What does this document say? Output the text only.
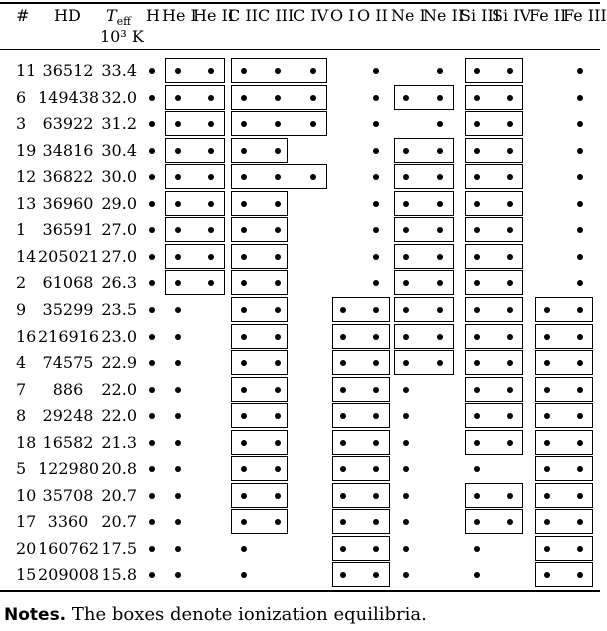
# HD $T_{eff}$
10³ K
H He I
He II
C II C III
C IV O I O II Ne I
Ne II
Si III
Si IV
Fe II
Fe III
11 36512 33.4
6 149438 32.0
3 63922 31.2
19 34816 30.4
12 36822 30.0
13 36960 29.0
1 36591 27.0
14 205021 27.0
2 61068 26.3
9 35299 23.5
16 216916 23.0
4 74575 22.9
7	886	22.0
8 29248 22.0
18 16582 21.3
5 122980 20.8
10 35708 20.7
17 3360 20.7
20 160762 17.5
15 209008 15.8
Notes. The boxes denote ionization equilibria.
